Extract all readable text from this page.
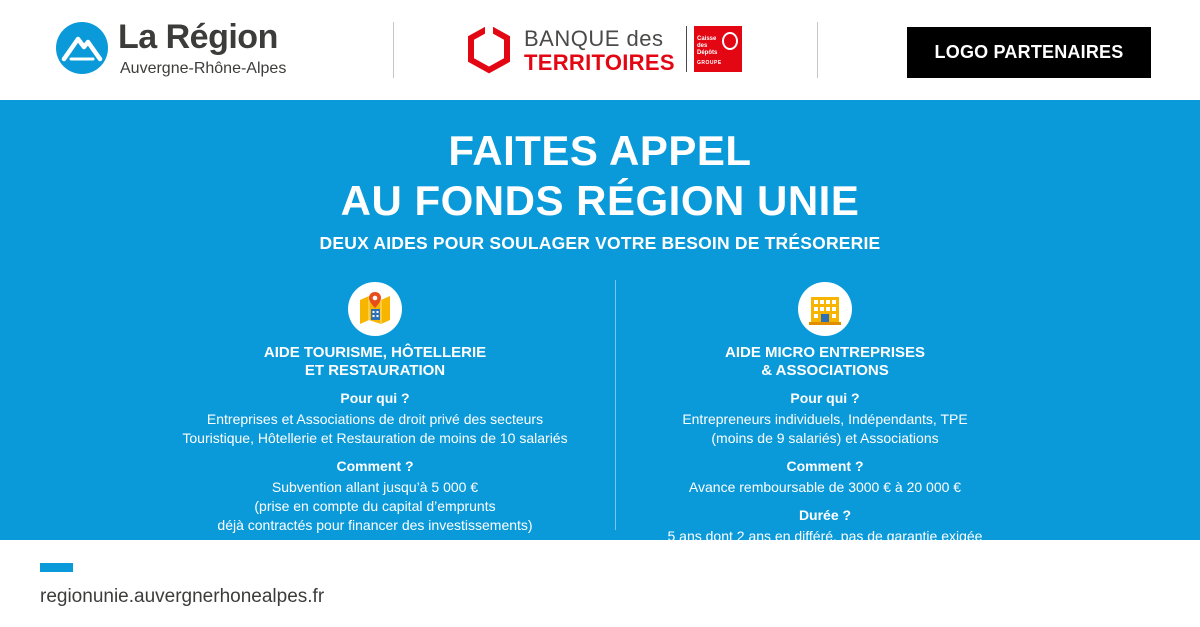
La Région
Auvergne-Rhône-Alpes
BANQUE des
TERRITOIRES
Caisse des Dépôts
GROUPE
LOGO PARTENAIRES
FAITES APPEL
AU FONDS RÉGION UNIE
DEUX AIDES POUR SOULAGER VOTRE BESOIN DE TRÉSORERIE
AIDE TOURISME, HÔTELLERIE
ET RESTAURATION
Pour qui ?
Entreprises et Associations de droit privé des secteurs
Touristique, Hôtellerie et Restauration de moins de 10 salariés
Comment ?
Subvention allant jusqu’à 5 000 €
(prise en compte du capital d’emprunts
déjà contractés pour financer des investissements)
AIDE MICRO ENTREPRISES
& ASSOCIATIONS
Pour qui ?
Entrepreneurs individuels, Indépendants, TPE
(moins de 9 salariés) et Associations
Comment ?
Avance remboursable de 3000 € à 20 000 €
Durée ?
5 ans dont 2 ans en différé, pas de garantie exigée
regionunie.auvergnerhonealpes.fr
